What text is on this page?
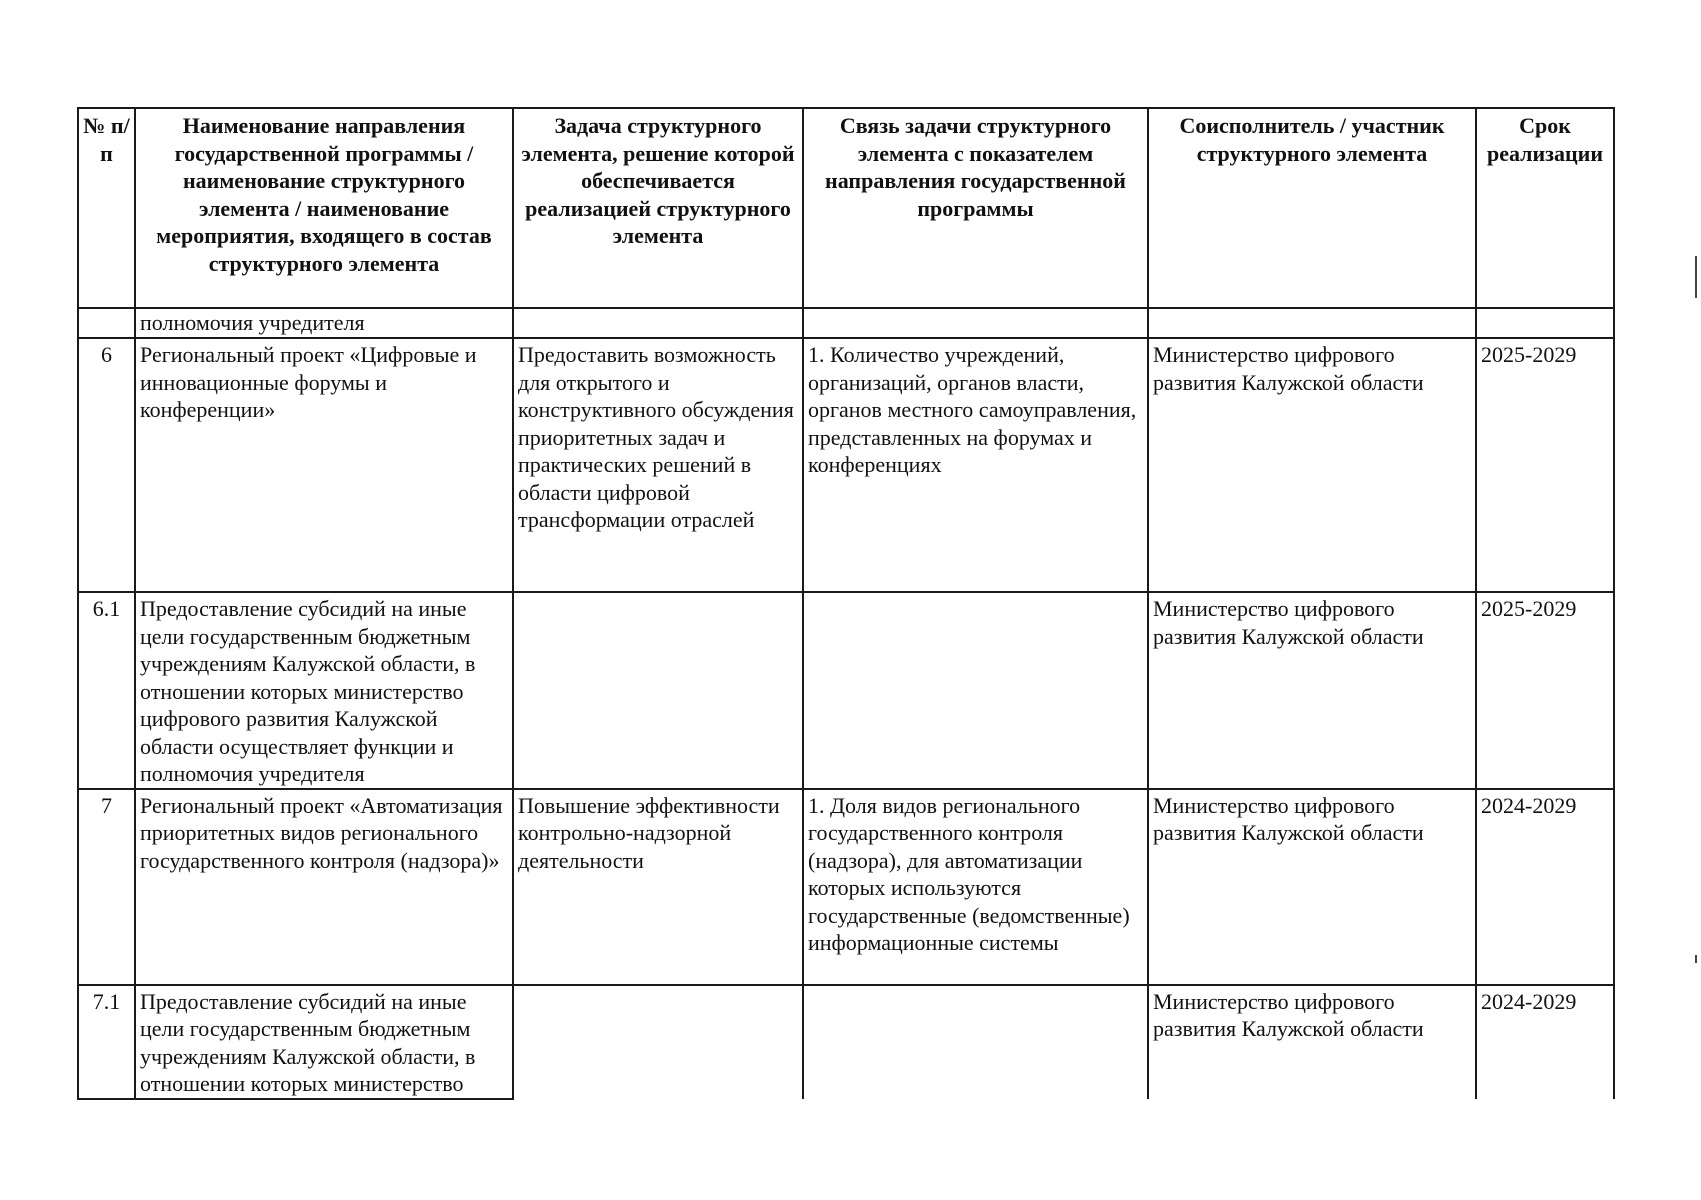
№ п/п	Наименование направления государственной программы / наименование структурного элемента / наименование мероприятия, входящего в состав структурного элемента	Задача структурного элемента, решение которой обеспечивается реализацией структурного элемента	Связь задачи структурного элемента с показателем направления государственной программы	Соисполнитель / участник структурного элемента	Срок реализации
	полномочия учредителя				
6	Региональный проект «Цифровые и инновационные форумы и конференции»	Предоставить возможность для открытого и конструктивного обсуждения приоритетных задач и практических решений в области цифровой трансформации отраслей	1. Количество учреждений, организаций, органов власти, органов местного самоуправления, представленных на форумах и конференциях	Министерство цифрового развития Калужской области	2025-2029
6.1	Предоставление субсидий на иные цели государственным бюджетным учреждениям Калужской области, в отношении которых министерство цифрового развития Калужской области осуществляет функции и полномочия учредителя			Министерство цифрового развития Калужской области	2025-2029
7	Региональный проект «Автоматизация приоритетных видов регионального государственного контроля (надзора)»	Повышение эффективности контрольно-надзорной деятельности	1. Доля видов регионального государственного контроля (надзора), для автоматизации которых используются государственные (ведомственные) информационные системы	Министерство цифрового развития Калужской области	2024-2029
7.1	Предоставление субсидий на иные цели государственным бюджетным учреждениям Калужской области, в отношении которых министерство			Министерство цифрового развития Калужской области	2024-2029
